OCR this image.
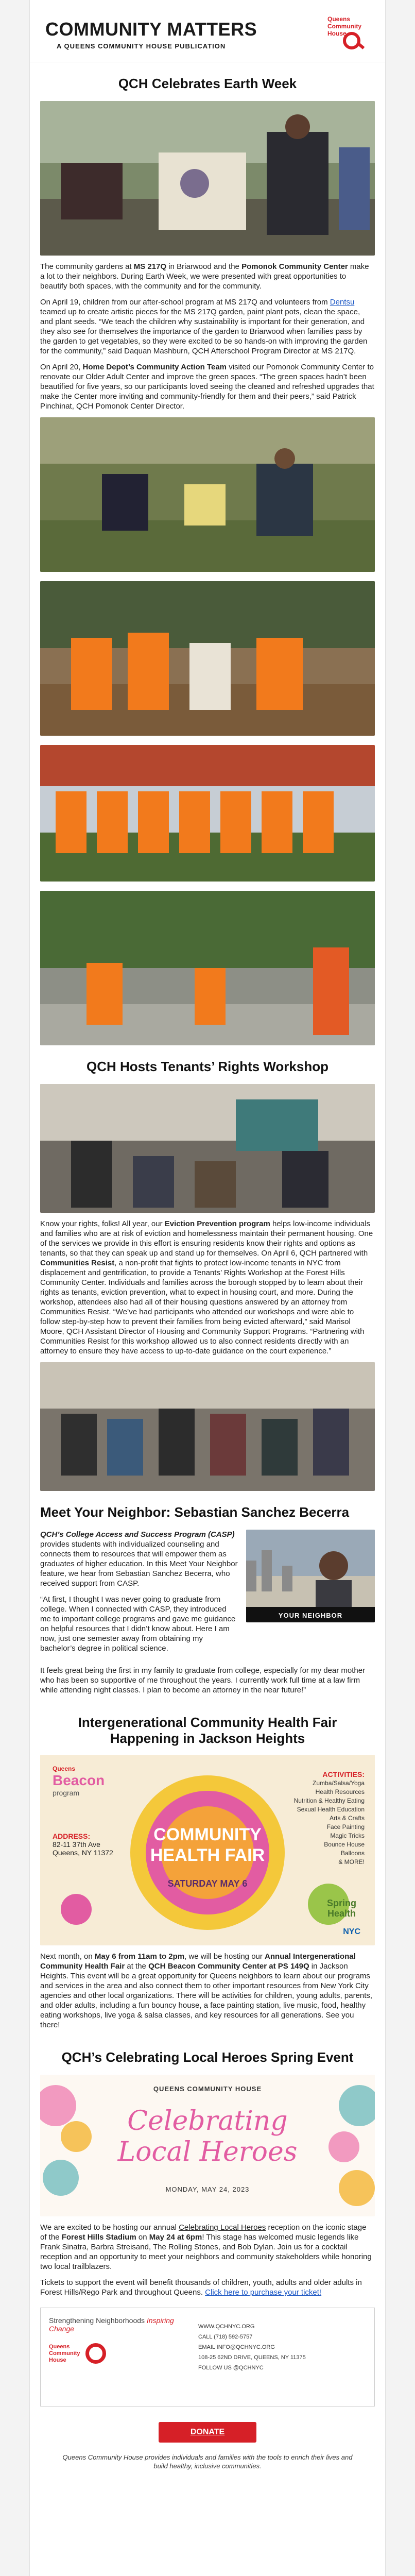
COMMUNITY MATTERS
A QUEENS COMMUNITY HOUSE PUBLICATION
Queens
Community
House
QCH Celebrates Earth Week

The community gardens at MS 217Q in Briarwood and the Pomonok Community Center make a lot to their neighbors. During Earth Week, we were presented with great opportunities to beautify both spaces, with the community and for the community.

On April 19, children from our after-school program at MS 217Q and volunteers from Dentsu teamed up to create artistic pieces for the MS 217Q garden, paint plant pots, clean the space, and plant seeds. “We teach the children why sustainability is important for their generation, and they also see for themselves the importance of the garden to Briarwood when families pass by the garden to get vegetables, so they were excited to be so hands-on with improving the garden for the community,” said Daquan Mashburn, QCH Afterschool Program Director at MS 217Q.

On April 20, Home Depot’s Community Action Team visited our Pomonok Community Center to renovate our Older Adult Center and improve the green spaces. “The green spaces hadn’t been beautified for five years, so our participants loved seeing the cleaned and refreshed upgrades that make the Center more inviting and community-friendly for them and their peers,” said Patrick Pinchinat, QCH Pomonok Center Director.

QCH Hosts Tenants’ Rights Workshop

Know your rights, folks! All year, our Eviction Prevention program helps low-income individuals and families who are at risk of eviction and homelessness maintain their permanent housing. One of the services we provide in this effort is ensuring residents know their rights and options as tenants, so that they can speak up and stand up for themselves. On April 6, QCH partnered with Communities Resist, a non-profit that fights to protect low-income tenants in NYC from displacement and gentrification, to provide a Tenants’ Rights Workshop at the Forest Hills Community Center. Individuals and families across the borough stopped by to learn about their rights as tenants, eviction prevention, what to expect in housing court, and more. During the workshop, attendees also had all of their housing questions answered by an attorney from Communities Resist. “We’ve had participants who attended our workshops and were able to follow step-by-step how to prevent their families from being evicted afterward,” said Marisol Moore, QCH Assistant Director of Housing and Community Support Programs. “Partnering with Communities Resist for this workshop allowed us to also connect residents directly with an attorney to ensure they have access to up-to-date guidance on the court experience.”

Meet Your Neighbor: Sebastian Sanchez Becerra

QCH’s College Access and Success Program (CASP) provides students with individualized counseling and connects them to resources that will empower them as graduates of higher education. In this Meet Your Neighbor feature, we hear from Sebastian Sanchez Becerra, who received support from CASP.

“At first, I thought I was never going to graduate from college. When I connected with CASP, they introduced me to important college programs and gave me guidance on helpful resources that I didn’t know about. Here I am now, just one semester away from obtaining my bachelor’s degree in political science.

YOUR NEIGHBOR

It feels great being the first in my family to graduate from college, especially for my dear mother who has been so supportive of me throughout the years. I currently work full time at a law firm while attending night classes. I plan to become an attorney in the near future!”

Intergenerational Community Health Fair
Happening in Jackson Heights
Queens
Beacon
program
ADDRESS:
82-11 37th Ave
Queens, NY 11372
COMMUNITY HEALTH FAIR
SATURDAY MAY 6
ACTIVITIES:
Zumba/Salsa/Yoga
Health Resources
Nutrition & Healthy Eating
Sexual Health Education
Arts & Crafts
Face Painting
Magic Tricks
Bounce House
Balloons
& MORE!
Spring
Health
NYC

Next month, on May 6 from 11am to 2pm, we will be hosting our Annual Intergenerational Community Health Fair at the QCH Beacon Community Center at PS 149Q in Jackson Heights. This event will be a great opportunity for Queens neighbors to learn about our programs and services in the area and also connect them to other important resources from New York City agencies and other local organizations. There will be activities for children, young adults, parents, and older adults, including a fun bouncy house, a face painting station, live music, food, healthy eating workshops, live yoga & salsa classes, and key resources for all generations. See you there!

QCH’s Celebrating Local Heroes Spring Event
QUEENS COMMUNITY HOUSE
Celebrating
Local Heroes
MONDAY, MAY 24, 2023

We are excited to be hosting our annual Celebrating Local Heroes reception on the iconic stage of the Forest Hills Stadium on May 24 at 6pm! This stage has welcomed music legends like Frank Sinatra, Barbra Streisand, The Rolling Stones, and Bob Dylan. Join us for a cocktail reception and an opportunity to meet your neighbors and community stakeholders while honoring two local trailblazers.

Tickets to support the event will benefit thousands of children, youth, adults and older adults in Forest Hills/Rego Park and throughout Queens. Click here to purchase your ticket!

Strengthening Neighborhoods Inspiring Change
Queens
Community
House
WWW.QCHNYC.ORG
CALL (718) 592-5757
EMAIL INFO@QCHNYC.ORG
108-25 62ND DRIVE, QUEENS, NY 11375
FOLLOW US @QCHNYC
DONATE
Queens Community House provides individuals and families with the tools to enrich their lives and build healthy, inclusive communities.
